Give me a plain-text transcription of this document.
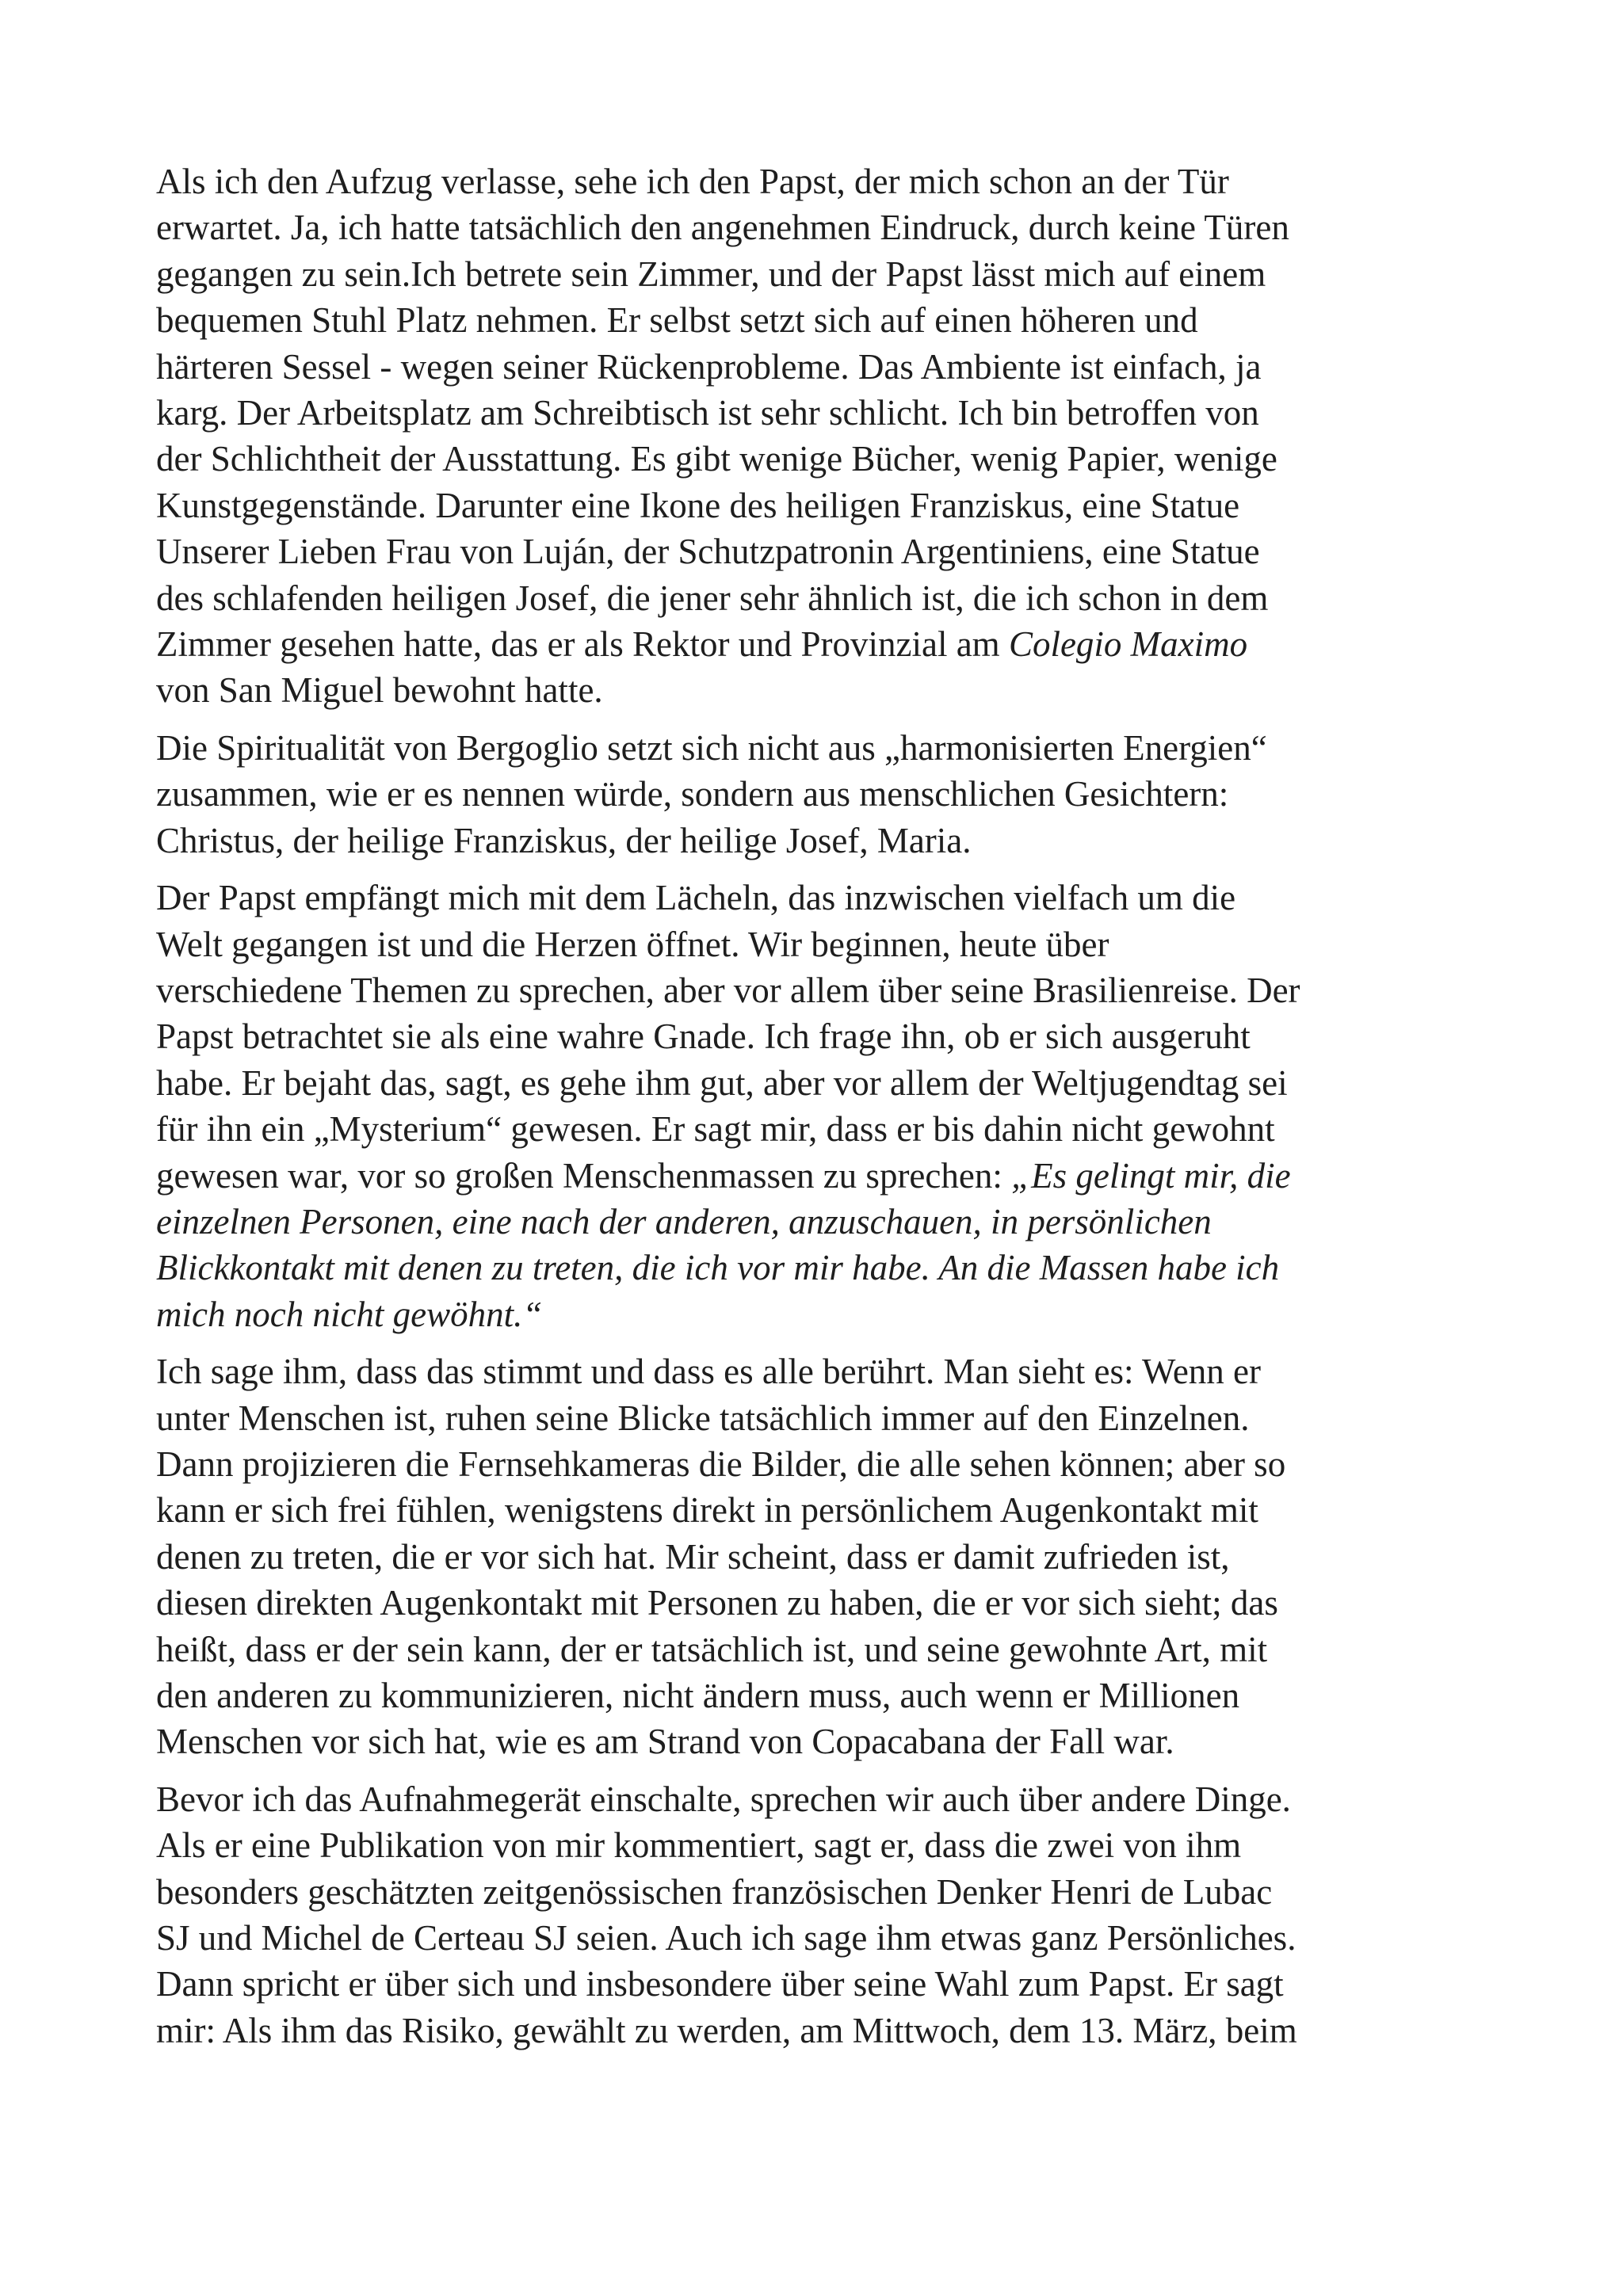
Als ich den Aufzug verlasse, sehe ich den Papst, der mich schon an der Tür
erwartet. Ja, ich hatte tatsächlich den angenehmen Eindruck, durch keine Türen
gegangen zu sein.Ich betrete sein Zimmer, und der Papst lässt mich auf einem
bequemen Stuhl Platz nehmen. Er selbst setzt sich auf einen höheren und
härteren Sessel - wegen seiner Rückenprobleme. Das Ambiente ist einfach, ja
karg. Der Arbeitsplatz am Schreibtisch ist sehr schlicht. Ich bin betroffen von
der Schlichtheit der Ausstattung. Es gibt wenige Bücher, wenig Papier, wenige
Kunstgegenstände. Darunter eine Ikone des heiligen Franziskus, eine Statue
Unserer Lieben Frau von Luján, der Schutzpatronin Argentiniens, eine Statue
des schlafenden heiligen Josef, die jener sehr ähnlich ist, die ich schon in dem
Zimmer gesehen hatte, das er als Rektor und Provinzial am Colegio Maximo
von San Miguel bewohnt hatte.
Die Spiritualität von Bergoglio setzt sich nicht aus „harmonisierten Energien“
zusammen, wie er es nennen würde, sondern aus menschlichen Gesichtern:
Christus, der heilige Franziskus, der heilige Josef, Maria.
Der Papst empfängt mich mit dem Lächeln, das inzwischen vielfach um die
Welt gegangen ist und die Herzen öffnet. Wir beginnen, heute über
verschiedene Themen zu sprechen, aber vor allem über seine Brasilienreise. Der
Papst betrachtet sie als eine wahre Gnade. Ich frage ihn, ob er sich ausgeruht
habe. Er bejaht das, sagt, es gehe ihm gut, aber vor allem der Weltjugendtag sei
für ihn ein „Mysterium“ gewesen. Er sagt mir, dass er bis dahin nicht gewohnt
gewesen war, vor so großen Menschenmassen zu sprechen: „Es gelingt mir, die
einzelnen Personen, eine nach der anderen, anzuschauen, in persönlichen
Blickkontakt mit denen zu treten, die ich vor mir habe. An die Massen habe ich
mich noch nicht gewöhnt.“
Ich sage ihm, dass das stimmt und dass es alle berührt. Man sieht es: Wenn er
unter Menschen ist, ruhen seine Blicke tatsächlich immer auf den Einzelnen.
Dann projizieren die Fernsehkameras die Bilder, die alle sehen können; aber so
kann er sich frei fühlen, wenigstens direkt in persönlichem Augenkontakt mit
denen zu treten, die er vor sich hat. Mir scheint, dass er damit zufrieden ist,
diesen direkten Augenkontakt mit Personen zu haben, die er vor sich sieht; das
heißt, dass er der sein kann, der er tatsächlich ist, und seine gewohnte Art, mit
den anderen zu kommunizieren, nicht ändern muss, auch wenn er Millionen
Menschen vor sich hat, wie es am Strand von Copacabana der Fall war.
Bevor ich das Aufnahmegerät einschalte, sprechen wir auch über andere Dinge.
Als er eine Publikation von mir kommentiert, sagt er, dass die zwei von ihm
besonders geschätzten zeitgenössischen französischen Denker Henri de Lubac
SJ und Michel de Certeau SJ seien. Auch ich sage ihm etwas ganz Persönliches.
Dann spricht er über sich und insbesondere über seine Wahl zum Papst. Er sagt
mir: Als ihm das Risiko, gewählt zu werden, am Mittwoch, dem 13. März, beim
